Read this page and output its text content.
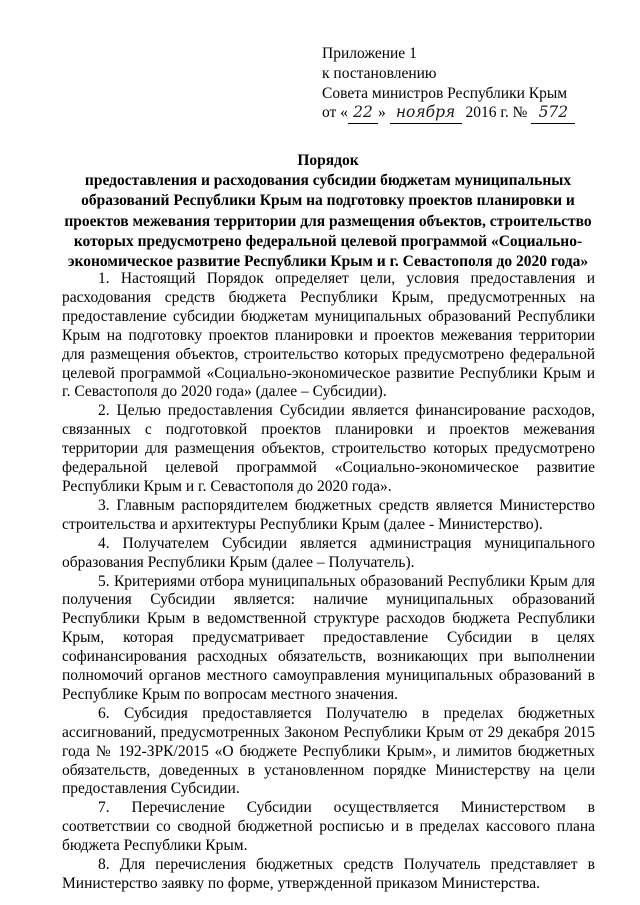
Приложение 1
к постановлению
Совета министров Республики Крым
от « 22 » ноября 2016 г. № 572
Порядок
предоставления и расходования субсидии бюджетам муниципальных
образований Республики Крым на подготовку проектов планировки и
проектов межевания территории для размещения объектов, строительство
которых предусмотрено федеральной целевой программой «Социально-
экономическое развитие Республики Крым и г. Севастополя до 2020 года»

1. Настоящий Порядок определяет цели, условия предоставления и расходования средств бюджета Республики Крым, предусмотренных на предоставление субсидии бюджетам муниципальных образований Республики Крым на подготовку проектов планировки и проектов межевания территории для размещения объектов, строительство которых предусмотрено федеральной целевой программой «Социально-экономическое развитие Республики Крым и г. Севастополя до 2020 года» (далее – Субсидии).

2. Целью предоставления Субсидии является финансирование расходов, связанных с подготовкой проектов планировки и проектов межевания территории для размещения объектов, строительство которых предусмотрено федеральной целевой программой «Социально-экономическое развитие Республики Крым и г. Севастополя до 2020 года».

3. Главным распорядителем бюджетных средств является Министерство строительства и архитектуры Республики Крым (далее - Министерство).

4. Получателем Субсидии является администрация муниципального образования Республики Крым (далее – Получатель).

5. Критериями отбора муниципальных образований Республики Крым для получения Субсидии является: наличие муниципальных образований Республики Крым в ведомственной структуре расходов бюджета Республики Крым, которая предусматривает предоставление Субсидии в целях софинансирования расходных обязательств, возникающих при выполнении полномочий органов местного самоуправления муниципальных образований в Республике Крым по вопросам местного значения.

6. Субсидия предоставляется Получателю в пределах бюджетных ассигнований, предусмотренных Законом Республики Крым от 29 декабря 2015 года № 192-ЗРК/2015 «О бюджете Республики Крым», и лимитов бюджетных обязательств, доведенных в установленном порядке Министерству на цели предоставления Субсидии.

7. Перечисление Субсидии осуществляется Министерством в соответствии со сводной бюджетной росписью и в пределах кассового плана бюджета Республики Крым.

8. Для перечисления бюджетных средств Получатель представляет в Министерство заявку по форме, утвержденной приказом Министерства.
